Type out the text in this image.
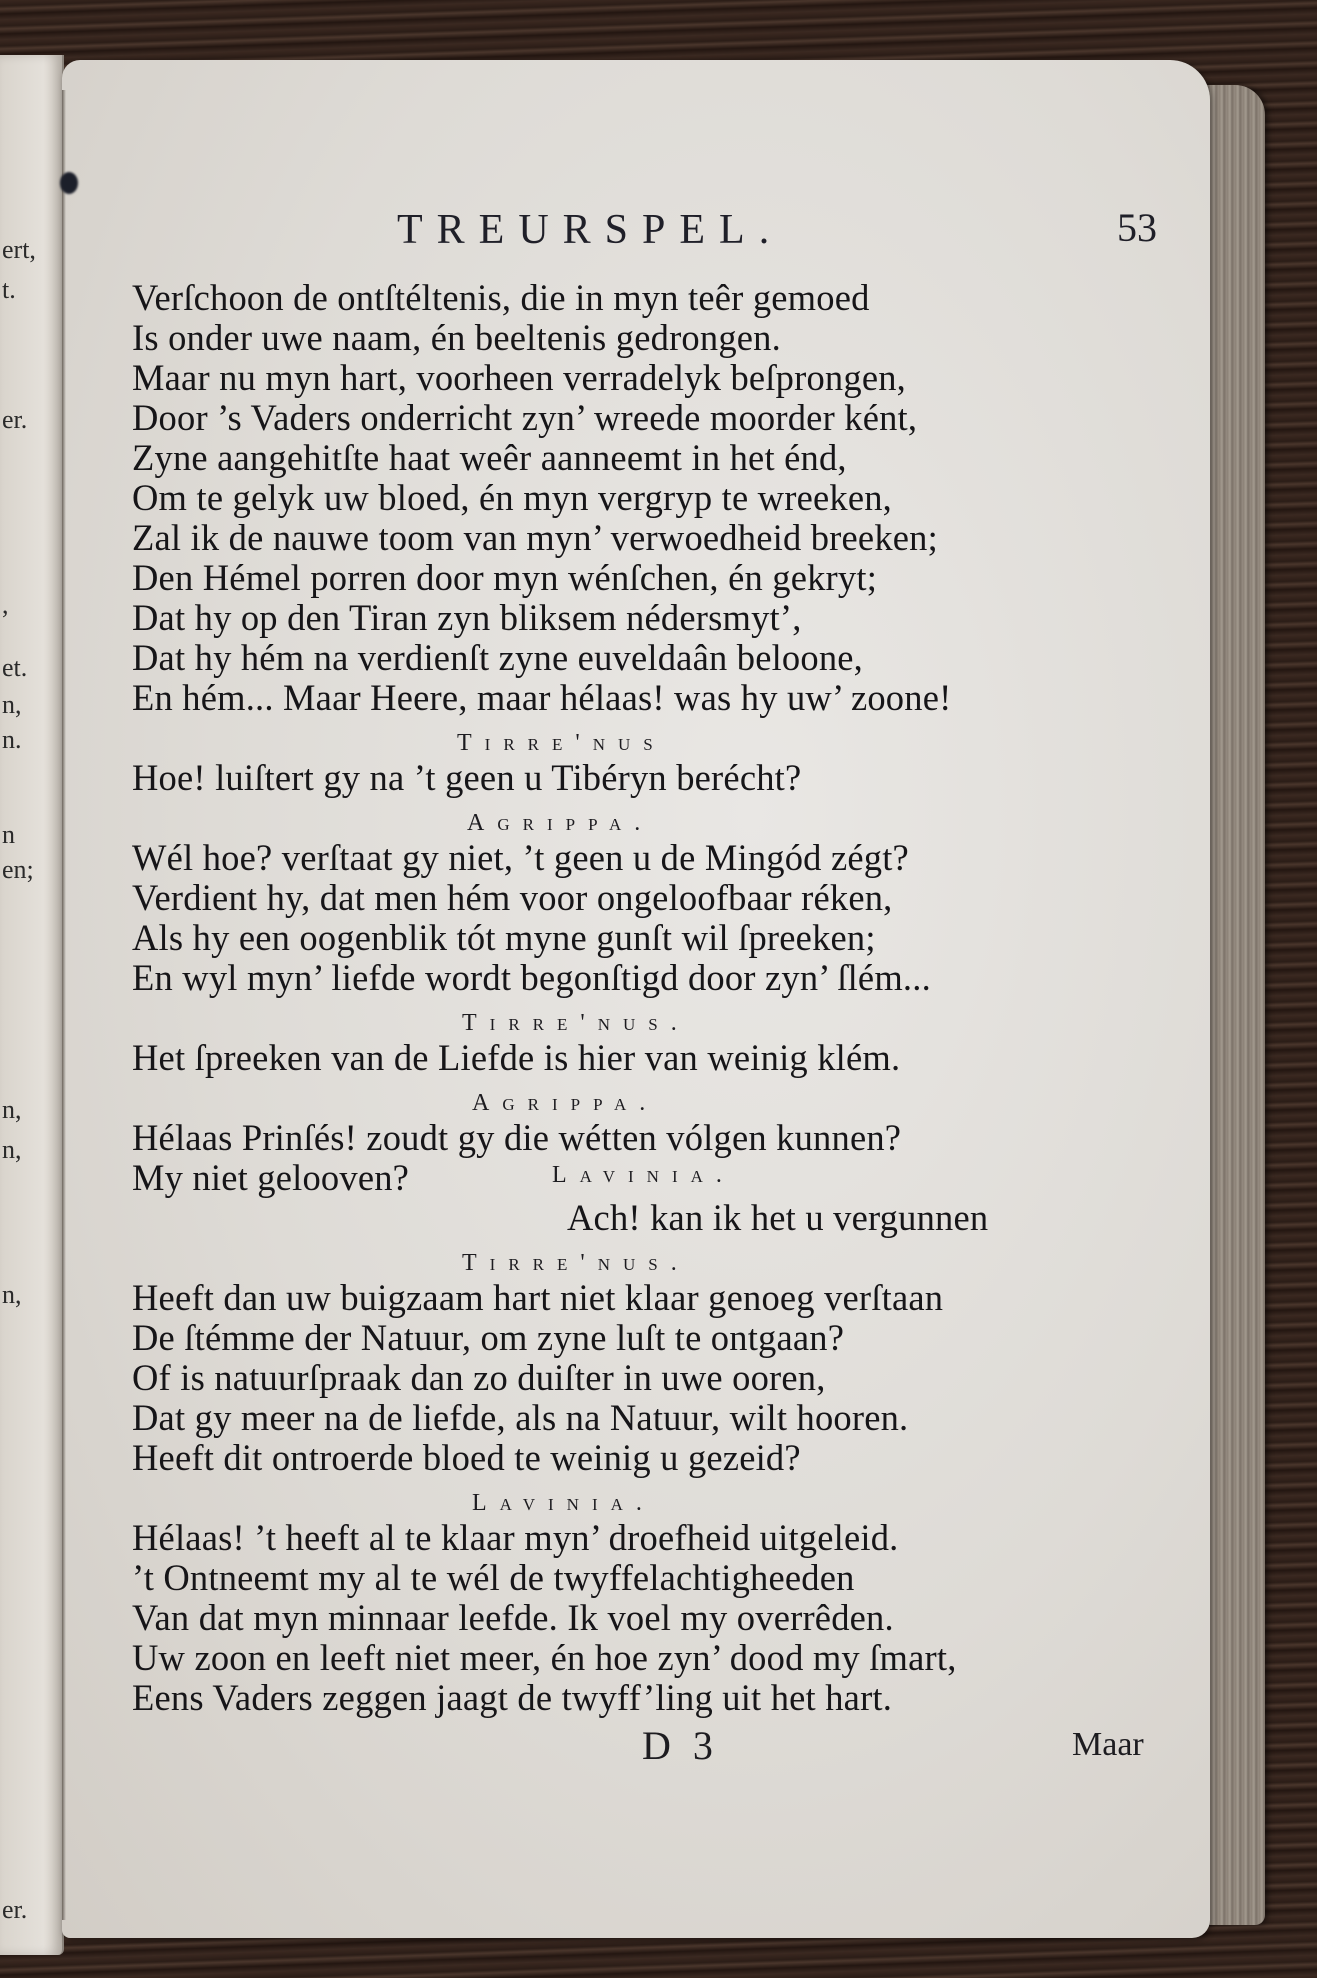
ert,
t.
er.
,
et.
n,
n.
n
en;
n,
n,
n,
er.
TREURSPEL.	53
Verſchoon de ontſtéltenis, die in myn teêr gemoed
Is onder uwe naam, én beeltenis gedrongen.
Maar nu myn hart, voorheen verradelyk beſprongen,
Door ’s Vaders onderricht zyn’ wreede moorder ként,
Zyne aangehitſte haat weêr aanneemt in het énd,
Om te gelyk uw bloed, én myn vergryp te wreeken,
Zal ik de nauwe toom van myn’ verwoedheid breeken;
Den Hémel porren door myn wénſchen, én gekryt;
Dat hy op den Tiran zyn bliksem nédersmyt’,
Dat hy hém na verdienſt zyne euveldaân beloone,
En hém... Maar Heere, maar hélaas! was hy uw’ zoone!
Tirre'nus
Hoe! luiſtert gy na ’t geen u Tibéryn berécht?
Agrippa.
Wél hoe? verſtaat gy niet, ’t geen u de Mingód zégt?
Verdient hy, dat men hém voor ongeloofbaar réken,
Als hy een oogenblik tót myne gunſt wil ſpreeken;
En wyl myn’ liefde wordt begonſtigd door zyn’ ſlém...
Tirre'nus.
Het ſpreeken van de Liefde is hier van weinig klém.
Agrippa.
Hélaas Prinſés! zoudt gy die wétten vólgen kunnen?
My niet gelooven?	Lavinia.
Ach! kan ik het u vergunnen
Tirre'nus.
Heeft dan uw buigzaam hart niet klaar genoeg verſtaan
De ſtémme der Natuur, om zyne luſt te ontgaan?
Of is natuurſpraak dan zo duiſter in uwe ooren,
Dat gy meer na de liefde, als na Natuur, wilt hooren.
Heeft dit ontroerde bloed te weinig u gezeid?
Lavinia.
Hélaas! ’t heeft al te klaar myn’ droefheid uitgeleid.
’t Ontneemt my al te wél de twyffelachtigheeden
Van dat myn minnaar leefde. Ik voel my overrêden.
Uw zoon en leeft niet meer, én hoe zyn’ dood my ſmart,
Eens Vaders zeggen jaagt de twyff’ling uit het hart.
D 3	Maar
